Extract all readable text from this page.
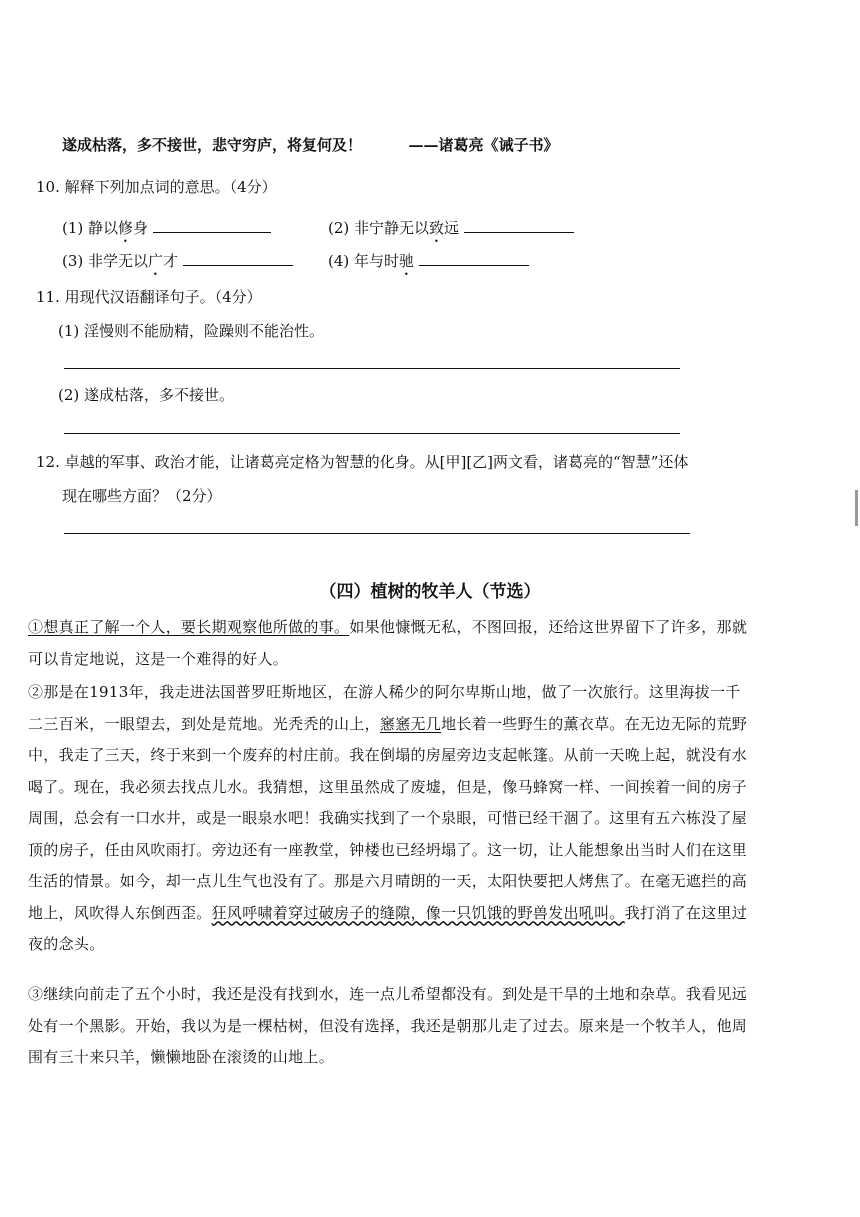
遂成枯落，多不接世，悲守穷庐，将复何及！	——诸葛亮《诫子书》
10. 解释下列加点词的意思。（4分）
(1) 静以修身	(2) 非宁静无以致远
(3) 非学无以广才	(4) 年与时驰
11. 用现代汉语翻译句子。（4分）
(1) 淫慢则不能励精，险躁则不能治性。
(2) 遂成枯落，多不接世。
12. 卓越的军事、政治才能，让诸葛亮定格为智慧的化身。从[甲][乙]两文看，诸葛亮的“智慧”还体
现在哪些方面？（2分）
（四）植树的牧羊人（节选）
①想真正了解一个人，要长期观察他所做的事。如果他慷慨无私，不图回报，还给这世界留下了许多，那就可以肯定地说，这是一个难得的好人。
②那是在1913年，我走进法国普罗旺斯地区，在游人稀少的阿尔卑斯山地，做了一次旅行。这里海拔一千二三百米，一眼望去，到处是荒地。光秃秃的山上，窸窸无几地长着一些野生的薰衣草。在无边无际的荒野中，我走了三天，终于来到一个废弃的村庄前。我在倒塌的房屋旁边支起帐篷。从前一天晚上起，就没有水喝了。现在，我必须去找点儿水。我猜想，这里虽然成了废墟，但是，像马蜂窝一样、一间挨着一间的房子周围，总会有一口水井，或是一眼泉水吧！我确实找到了一个泉眼，可惜已经干涸了。这里有五六栋没了屋顶的房子，任由风吹雨打。旁边还有一座教堂，钟楼也已经坍塌了。这一切，让人能想象出当时人们在这里生活的情景。如今，却一点儿生气也没有了。那是六月晴朗的一天，太阳快要把人烤焦了。在毫无遮拦的高地上，风吹得人东倒西歪。狂风呼啸着穿过破房子的缝隙，像一只饥饿的野兽发出吼叫。我打消了在这里过夜的念头。
③继续向前走了五个小时，我还是没有找到水，连一点儿希望都没有。到处是干旱的土地和杂草。我看见远处有一个黑影。开始，我以为是一棵枯树，但没有选择，我还是朝那儿走了过去。原来是一个牧羊人，他周围有三十来只羊，懒懒地卧在滚烫的山地上。
